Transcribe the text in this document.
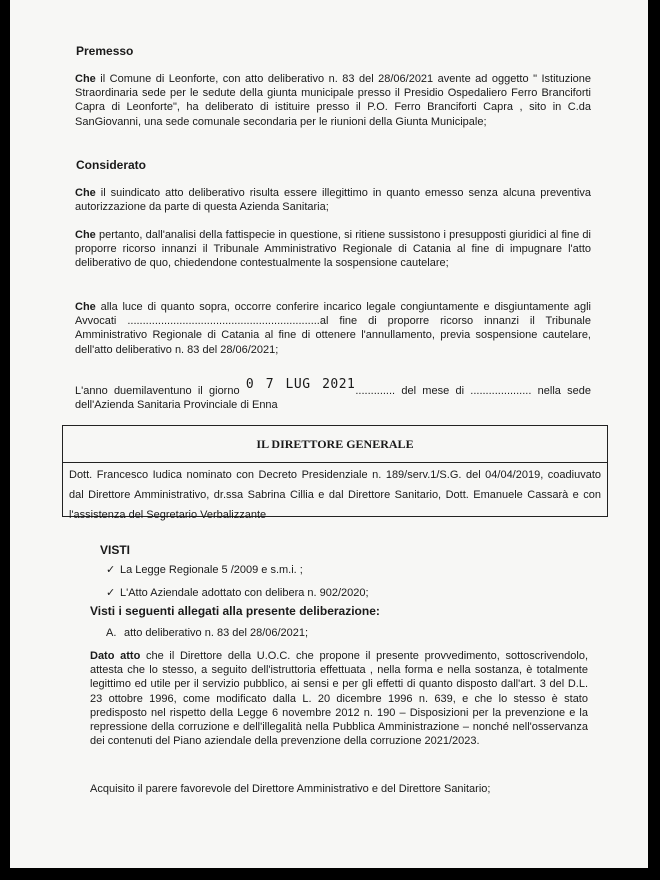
Premesso
Che il Comune di Leonforte, con atto deliberativo n. 83 del 28/06/2021 avente ad oggetto " Istituzione Straordinaria sede per le sedute della giunta municipale presso il Presidio Ospedaliero Ferro Branciforti Capra di Leonforte", ha deliberato di istituire presso il P.O. Ferro Branciforti Capra , sito in C.da SanGiovanni, una sede comunale secondaria per le riunioni della Giunta Municipale;
Considerato
Che il suindicato atto deliberativo risulta essere illegittimo in quanto emesso senza alcuna preventiva autorizzazione da parte di questa Azienda Sanitaria;
Che pertanto, dall'analisi della fattispecie in questione, si ritiene sussistono i presupposti giuridici al fine di proporre ricorso innanzi il Tribunale Amministrativo Regionale di Catania al fine di impugnare l'atto deliberativo de quo, chiedendone contestualmente la sospensione cautelare;
Che alla luce di quanto sopra, occorre conferire incarico legale congiuntamente e disgiuntamente agli Avvocati ...............................................................al fine di proporre ricorso innanzi il Tribunale Amministrativo Regionale di Catania al fine di ottenere l'annullamento, previa sospensione cautelare, dell'atto deliberativo n. 83 del 28/06/2021;
L'anno duemilaventuno il giorno 0 7 LUG 2021............. del mese di .................... nella sede dell'Azienda Sanitaria Provinciale di Enna
IL DIRETTORE GENERALE
Dott. Francesco Iudica nominato con Decreto Presidenziale n. 189/serv.1/S.G. del 04/04/2019, coadiuvato dal Direttore Amministrativo, dr.ssa Sabrina Cillia e dal Direttore Sanitario, Dott. Emanuele Cassarà e con l'assistenza del Segretario Verbalizzante
VISTI
✓ La Legge Regionale 5 /2009 e s.m.i. ;
✓ L'Atto Aziendale adottato con delibera n. 902/2020;
Visti i seguenti allegati alla presente deliberazione:
A. atto deliberativo n. 83 del 28/06/2021;
Dato atto che il Direttore della U.O.C. che propone il presente provvedimento, sottoscrivendolo, attesta che lo stesso, a seguito dell'istruttoria effettuata , nella forma e nella sostanza, è totalmente legittimo ed utile per il servizio pubblico, ai sensi e per gli effetti di quanto disposto dall'art. 3 del D.L. 23 ottobre 1996, come modificato dalla L. 20 dicembre 1996 n. 639, e che lo stesso è stato predisposto nel rispetto della Legge 6 novembre 2012 n. 190 – Disposizioni per la prevenzione e la repressione della corruzione e dell'illegalità nella Pubblica Amministrazione – nonché nell'osservanza dei contenuti del Piano aziendale della prevenzione della corruzione 2021/2023.
Acquisito il parere favorevole del Direttore Amministrativo e del Direttore Sanitario;
